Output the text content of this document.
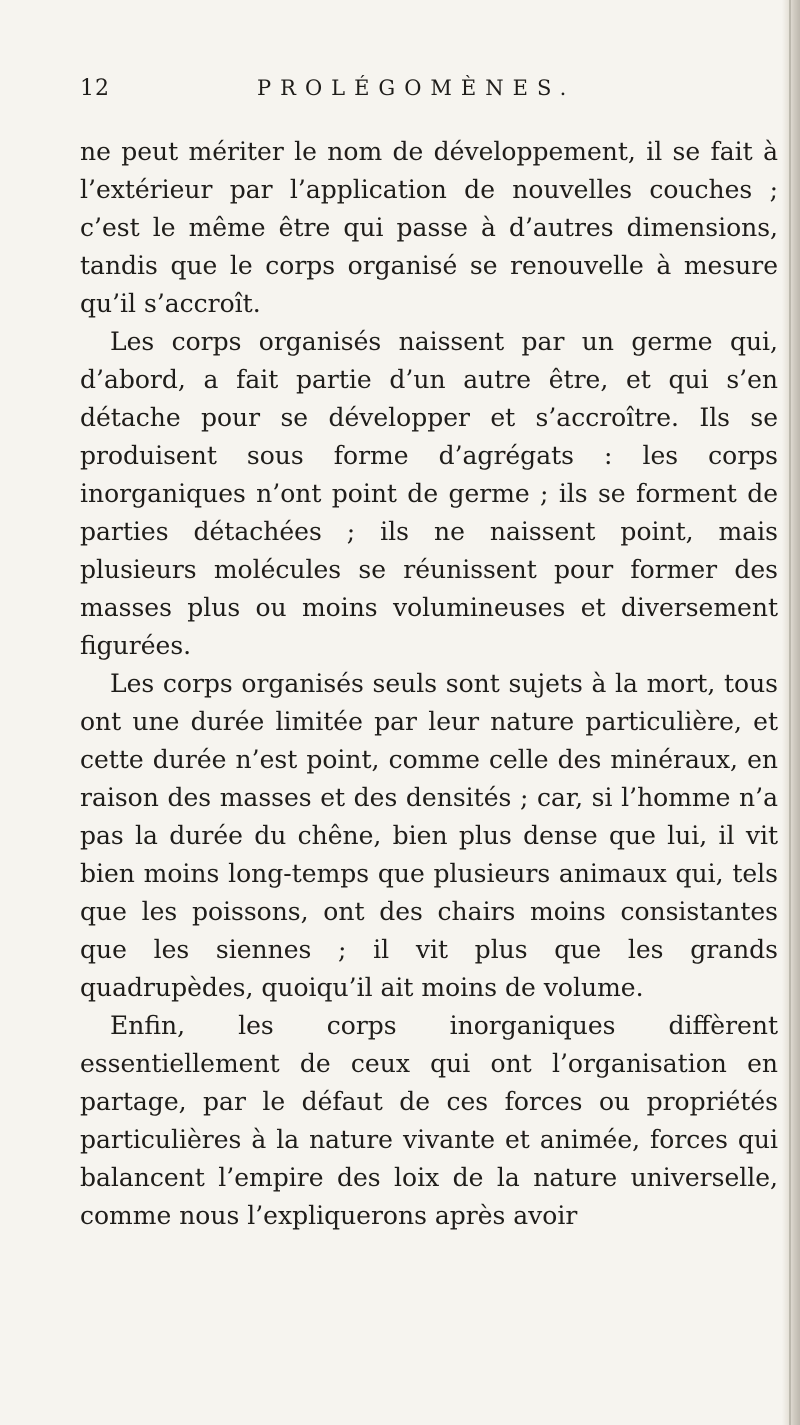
12	PROLÉGOMÈNES.

ne peut mériter le nom de développement, il se fait à l’extérieur par l’application de nouvelles couches ; c’est le même être qui passe à d’autres dimensions, tandis que le corps organisé se renouvelle à mesure qu’il s’accroît.

Les corps organisés naissent par un germe qui, d’abord, a fait partie d’un autre être, et qui s’en détache pour se développer et s’accroître. Ils se produisent sous forme d’agrégats : les corps inorganiques n’ont point de germe ; ils se forment de parties détachées ; ils ne naissent point, mais plusieurs molécules se réunissent pour former des masses plus ou moins volumineuses et diversement figurées.

Les corps organisés seuls sont sujets à la mort, tous ont une durée limitée par leur nature particulière, et cette durée n’est point, comme celle des minéraux, en raison des masses et des densités ; car, si l’homme n’a pas la durée du chêne, bien plus dense que lui, il vit bien moins long-temps que plusieurs animaux qui, tels que les poissons, ont des chairs moins consistantes que les siennes ; il vit plus que les grands quadrupèdes, quoiqu’il ait moins de volume.

Enfin, les corps inorganiques diffèrent essentiellement de ceux qui ont l’organisation en partage, par le défaut de ces forces ou propriétés particulières à la nature vivante et animée, forces qui balancent l’empire des loix de la nature universelle, comme nous l’expliquerons après avoir
